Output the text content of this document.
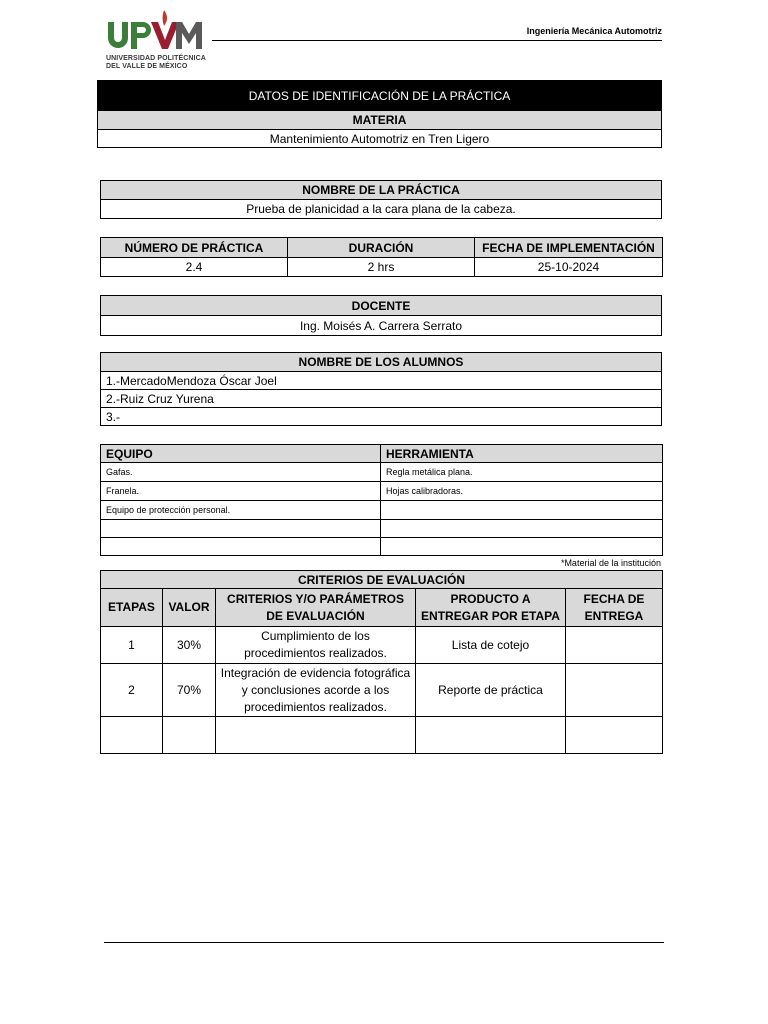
UNIVERSIDAD POLITÉCNICA
DEL VALLE DE MÉXICO
Ingeniería Mecánica Automotriz
DATOS DE IDENTIFICACIÓN DE LA PRÁCTICA
MATERIA
Mantenimiento Automotriz en Tren Ligero
NOMBRE DE LA PRÁCTICA
Prueba de planicidad a la cara plana de la cabeza.
NÚMERO DE PRÁCTICA	DURACIÓN	FECHA DE IMPLEMENTACIÓN
2.4	2 hrs	25-10-2024
DOCENTE
Ing. Moisés A. Carrera Serrato
NOMBRE DE LOS ALUMNOS
1.-MercadoMendoza Óscar Joel
2.-Ruiz Cruz Yurena
3.-
EQUIPO	HERRAMIENTA
Gafas.	Regla metálica plana.
Franela.	Hojas calibradoras.
Equipo de protección personal.	

*Material de la institución
CRITERIOS DE EVALUACIÓN				
ETAPAS	VALOR	CRITERIOS Y/O PARÁMETROS DE EVALUACIÓN	PRODUCTO A ENTREGAR POR ETAPA	FECHA DE ENTREGA
1	30%	Cumplimiento de los procedimientos realizados.	Lista de cotejo	
2	70%	Integración de evidencia fotográfica y conclusiones acorde a los procedimientos realizados.	Reporte de práctica	
